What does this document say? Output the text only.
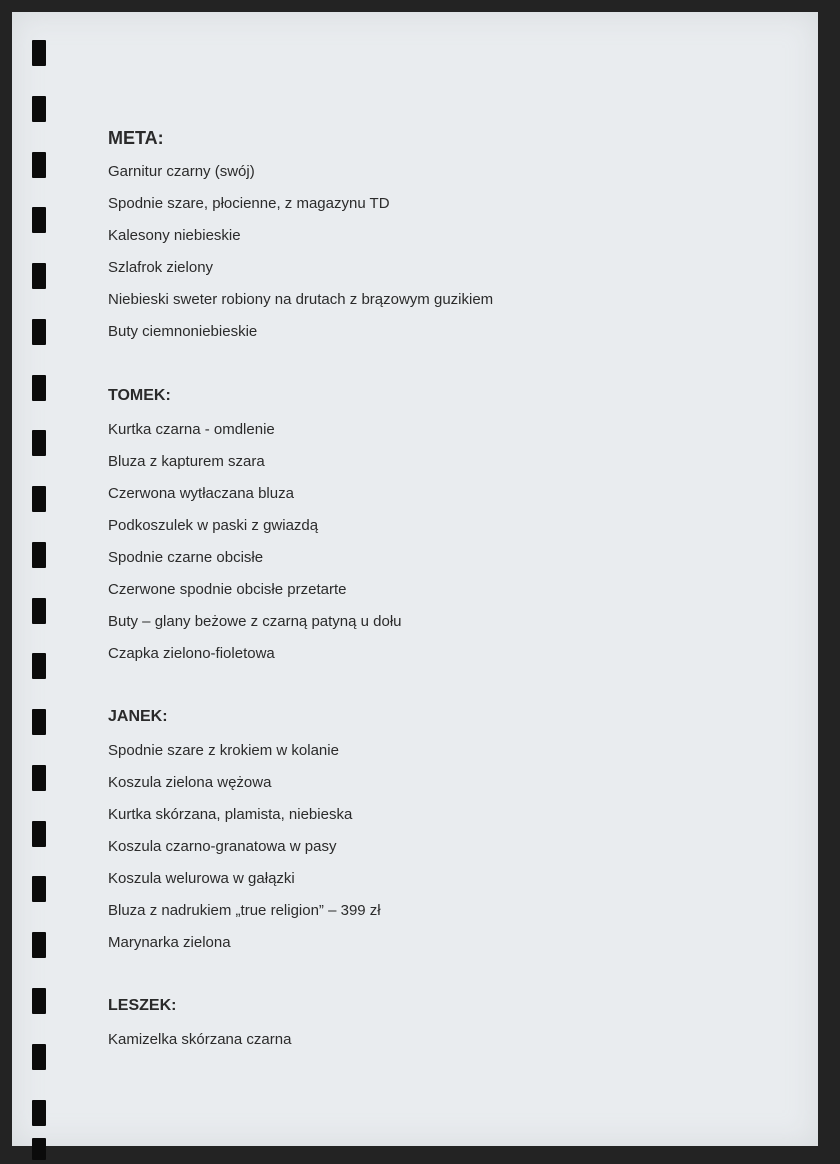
META:
Garnitur czarny (swój)
Spodnie szare, płocienne, z magazynu TD
Kalesony niebieskie
Szlafrok zielony
Niebieski sweter robiony na drutach z brązowym guzikiem
Buty ciemnoniebieskie
TOMEK:
Kurtka czarna - omdlenie
Bluza z kapturem szara
Czerwona wytłaczana bluza
Podkoszulek w paski z gwiazdą
Spodnie czarne obcisłe
Czerwone spodnie obcisłe przetarte
Buty – glany beżowe z czarną patyną u dołu
Czapka zielono-fioletowa
JANEK:
Spodnie szare z krokiem w kolanie
Koszula zielona wężowa
Kurtka skórzana, plamista, niebieska
Koszula czarno-granatowa w pasy
Koszula welurowa w gałązki
Bluza z nadrukiem „true religion” – 399 zł
Marynarka zielona
LESZEK:
Kamizelka skórzana czarna
